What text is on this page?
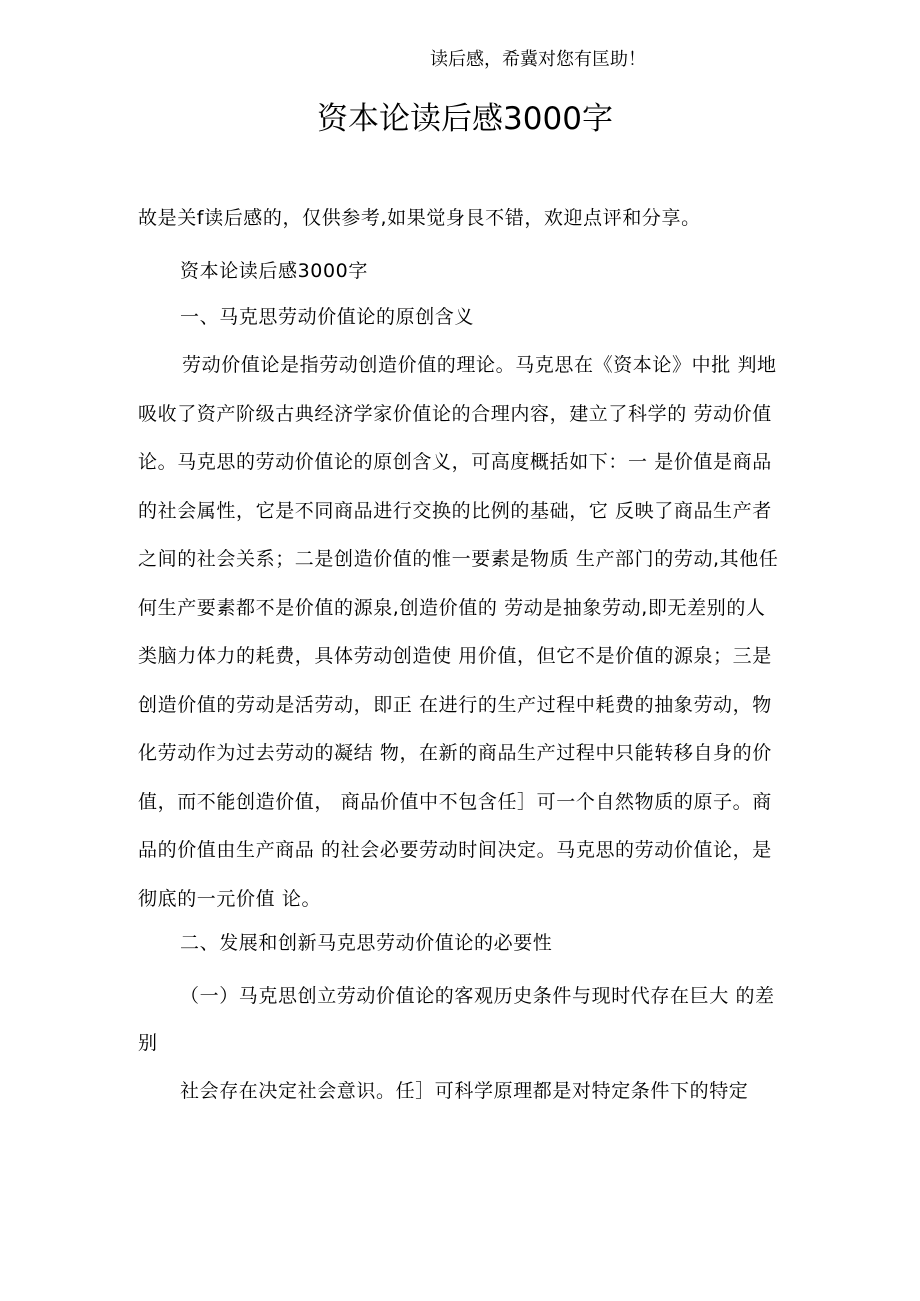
读后感，希冀对您有匡助！
资本论读后感3000字
故是关f读后感的，仅供参考,如果觉身艮不错，欢迎点评和分享。
资本论读后感3000字
一、马克思劳动价值论的原创含义
劳动价值论是指劳动创造价值的理论。马克思在《资本论》中批 判地
吸收了资产阶级古典经济学家价值论的合理内容，建立了科学的 劳动价值
论。马克思的劳动价值论的原创含义，可高度概括如下：一 是价值是商品
的社会属性，它是不同商品进行交换的比例的基础，它 反映了商品生产者
之间的社会关系；二是创造价值的惟一要素是物质 生产部门的劳动,其他任
何生产要素都不是价值的源泉,创造价值的 劳动是抽象劳动,即无差别的人
类脑力体力的耗费，具体劳动创造使 用价值，但它不是价值的源泉；三是
创造价值的劳动是活劳动，即正 在进行的生产过程中耗费的抽象劳动，物
化劳动作为过去劳动的凝结 物，在新的商品生产过程中只能转移自身的价
值，而不能创造价值， 商品价值中不包含任］可一个自然物质的原子。商
品的价值由生产商品 的社会必要劳动时间决定。马克思的劳动价值论，是
彻底的一元价值 论。
二、发展和创新马克思劳动价值论的必要性
（一）马克思创立劳动价值论的客观历史条件与现时代存在巨大 的差
别
社会存在决定社会意识。任］可科学原理都是对特定条件下的特定
